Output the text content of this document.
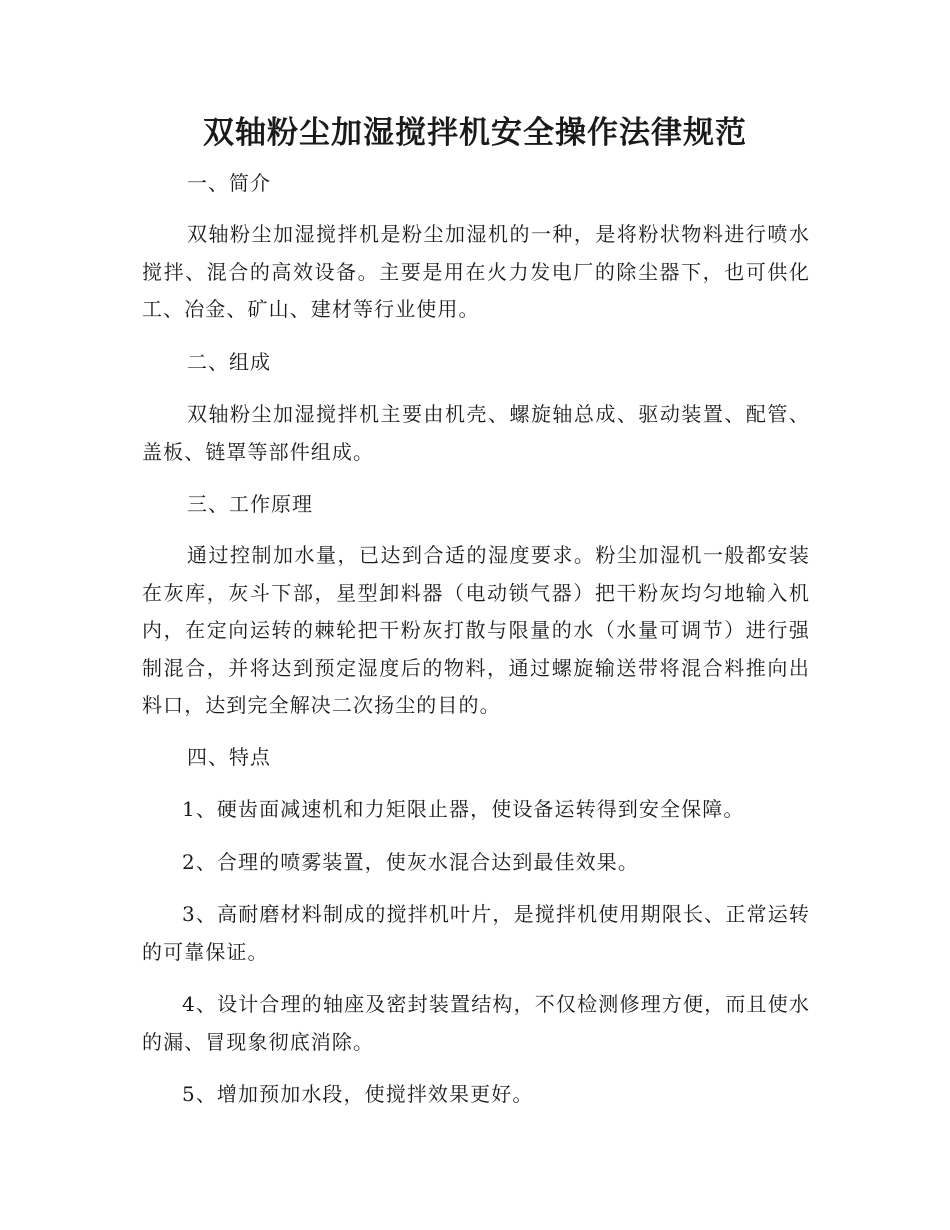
双轴粉尘加湿搅拌机安全操作法律规范

一、简介

双轴粉尘加湿搅拌机是粉尘加湿机的一种，是将粉状物料进行喷水搅拌、混合的高效设备。主要是用在火力发电厂的除尘器下，也可供化工、冶金、矿山、建材等行业使用。

二、组成

双轴粉尘加湿搅拌机主要由机壳、螺旋轴总成、驱动装置、配管、盖板、链罩等部件组成。

三、工作原理

通过控制加水量，已达到合适的湿度要求。粉尘加湿机一般都安装在灰库，灰斗下部，星型卸料器（电动锁气器）把干粉灰均匀地输入机内，在定向运转的棘轮把干粉灰打散与限量的水（水量可调节）进行强制混合，并将达到预定湿度后的物料，通过螺旋输送带将混合料推向出料口，达到完全解决二次扬尘的目的。

四、特点

1、硬齿面减速机和力矩限止器，使设备运转得到安全保障。

2、合理的喷雾装置，使灰水混合达到最佳效果。

3、高耐磨材料制成的搅拌机叶片，是搅拌机使用期限长、正常运转的可靠保证。

4、设计合理的轴座及密封装置结构，不仅检测修理方便，而且使水的漏、冒现象彻底消除。

5、增加预加水段，使搅拌效果更好。
